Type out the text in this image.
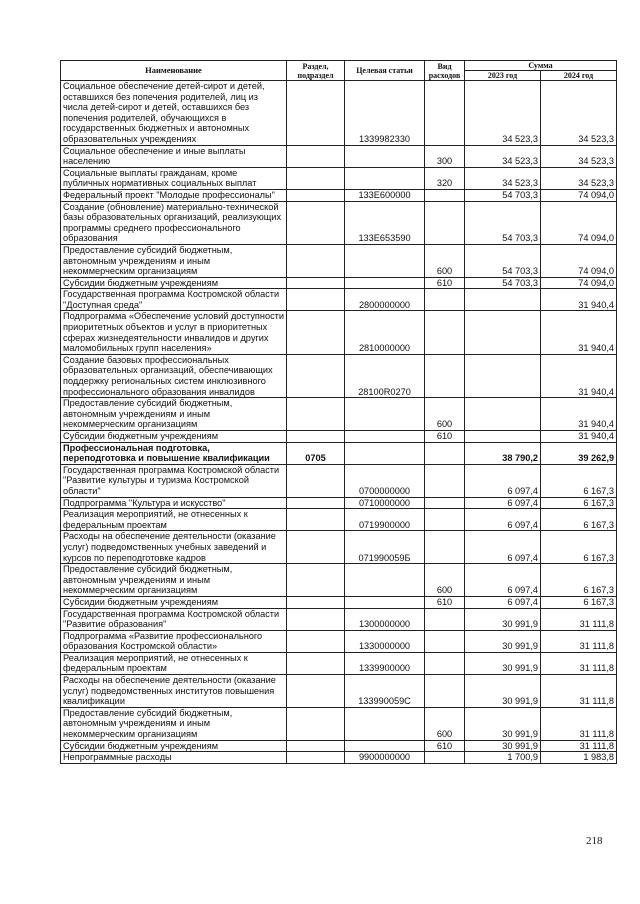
Наименование	Раздел, подраздел	Целевая статьи	Вид расходов	Сумма	
				2023 год	2024 год
Социальное обеспечение детей-сирот и детей, оставшихся без попечения родителей, лиц из числа детей-сирот и детей, оставшихся без попечения родителей, обучающихся в государственных бюджетных и автономных образовательных учреждениях		1339982330		34 523,3	34 523,3
Социальное обеспечение и иные выплаты населению			300	34 523,3	34 523,3
Социальные выплаты гражданам, кроме публичных нормативных социальных выплат			320	34 523,3	34 523,3
Федеральный проект "Молодые профессионалы"		133Е600000		54 703,3	74 094,0
Создание (обновление) материально-технической базы образовательных организаций, реализующих программы среднего профессионального образования		133Е653590		54 703,3	74 094,0
Предоставление субсидий бюджетным, автономным учреждениям и иным некоммерческим организациям			600	54 703,3	74 094,0
Субсидии бюджетным учреждениям			610	54 703,3	74 094,0
Государственная программа Костромской области "Доступная среда"		2800000000			31 940,4
Подпрограмма «Обеспечение условий доступности приоритетных объектов и услуг в приоритетных сферах жизнедеятельности инвалидов и других маломобильных групп населения»		2810000000			31 940,4
Создание базовых профессиональных образовательных организаций, обеспечивающих поддержку региональных систем инклюзивного профессионального образования инвалидов		28100R0270			31 940,4
Предоставление субсидий бюджетным, автономным учреждениям и иным некоммерческим организациям			600		31 940,4
Субсидии бюджетным учреждениям			610		31 940,4
Профессиональная подготовка, переподготовка и повышение квалификации	0705			38 790,2	39 262,9
Государственная программа Костромской области "Развитие культуры и туризма Костромской области"		0700000000		6 097,4	6 167,3
Подпрограмма "Культура и искусство"		0710000000		6 097,4	6 167,3
Реализация мероприятий, не отнесенных к федеральным проектам		0719900000		6 097,4	6 167,3
Расходы на обеспечение деятельности (оказание услуг) подведомственных учебных заведений и курсов по переподготовке кадров		071990059Б		6 097,4	6 167,3
Предоставление субсидий бюджетным, автономным учреждениям и иным некоммерческим организациям			600	6 097,4	6 167,3
Субсидии бюджетным учреждениям			610	6 097,4	6 167,3
Государственная программа Костромской области "Развитие образования"		1300000000		30 991,9	31 111,8
Подпрограмма «Развитие профессионального образования Костромской области»		1330000000		30 991,9	31 111,8
Реализация мероприятий, не отнесенных к федеральным проектам		1339900000		30 991,9	31 111,8
Расходы на обеспечение деятельности (оказание услуг) подведомственных институтов повышения квалификации		133990059С		30 991,9	31 111,8
Предоставление субсидий бюджетным, автономным учреждениям и иным некоммерческим организациям			600	30 991,9	31 111,8
Субсидии бюджетным учреждениям			610	30 991,9	31 111,8
Непрограммные расходы		9900000000		1 700,9	1 983,8
218
